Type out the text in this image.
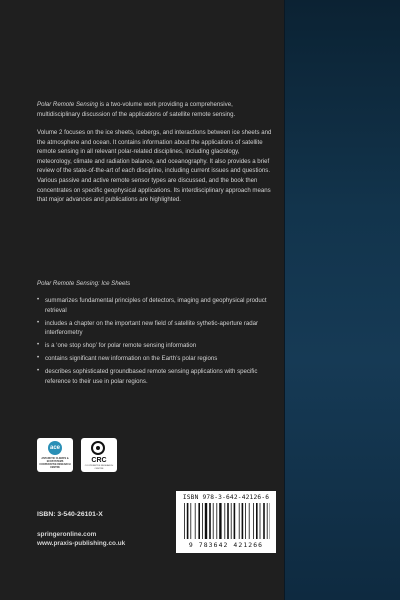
Polar Remote Sensing is a two-volume work providing a comprehensive, multidisciplinary discussion of the applications of satellite remote sensing.
Volume 2 focuses on the ice sheets, icebergs, and interactions between ice sheets and the atmosphere and ocean. It contains information about the applications of satellite remote sensing in all relevant polar-related disciplines, including glaciology, meteorology, climate and radiation balance, and oceanography. It also provides a brief review of the state-of-the-art of each discipline, including current issues and questions. Various passive and active remote sensor types are discussed, and the book then concentrates on specific geophysical applications. Its interdisciplinary approach means that major advances and publications are highlighted.
Polar Remote Sensing: Ice Sheets
• summarizes fundamental principles of detectors, imaging and geophysical product retrieval
• includes a chapter on the important new field of satellite sythetic-aperture radar interferometry
• is a ‘one stop shop’ for polar remote sensing information
• contains significant new information on the Earth’s polar regions
• describes sophisticated groundbased remote sensing applications with specific reference to their use in polar regions.
ace
ANTARCTIC CLIMATE & ECOSYSTEMS COOPERATIVE RESEARCH CENTRE
CRC
COOPERATIVE RESEARCH CENTRE
ISBN: 3-540-26101-X
springeronline.com
www.praxis-publishing.co.uk
ISBN 978-3-642-42126-6
9 783642 421266
